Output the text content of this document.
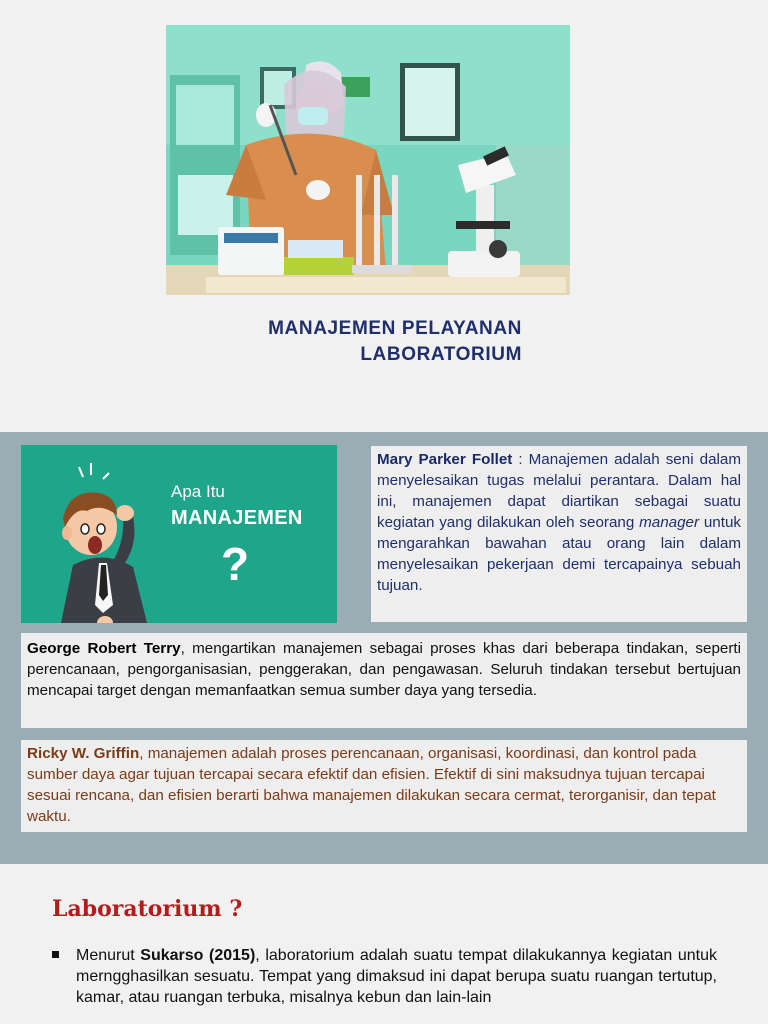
MANAJEMEN PELAYANAN
LABORATORIUM
Apa Itu
MANAJEMEN
?
Mary Parker Follet : Manajemen adalah seni dalam menyelesaikan tugas melalui perantara. Dalam hal ini, manajemen dapat diartikan sebagai suatu kegiatan yang dilakukan oleh seorang manager untuk mengarahkan bawahan atau orang lain dalam menyelesaikan pekerjaan demi tercapainya sebuah tujuan.
George Robert Terry, mengartikan manajemen sebagai proses khas dari beberapa tindakan, seperti perencanaan, pengorganisasian, penggerakan, dan pengawasan. Seluruh tindakan tersebut bertujuan mencapai target dengan memanfaatkan semua sumber daya yang tersedia.
Ricky W. Griffin, manajemen adalah proses perencanaan, organisasi, koordinasi, dan kontrol pada sumber daya agar tujuan tercapai secara efektif dan efisien. Efektif di sini maksudnya tujuan tercapai sesuai rencana, dan efisien berarti bahwa manajemen dilakukan secara cermat, terorganisir, dan tepat waktu.
Laboratorium ?
Menurut Sukarso (2015), laboratorium adalah suatu tempat dilakukannya kegiatan untuk merngghasilkan sesuatu. Tempat yang dimaksud ini dapat berupa suatu ruangan tertutup, kamar, atau ruangan terbuka, misalnya kebun dan lain-lain
